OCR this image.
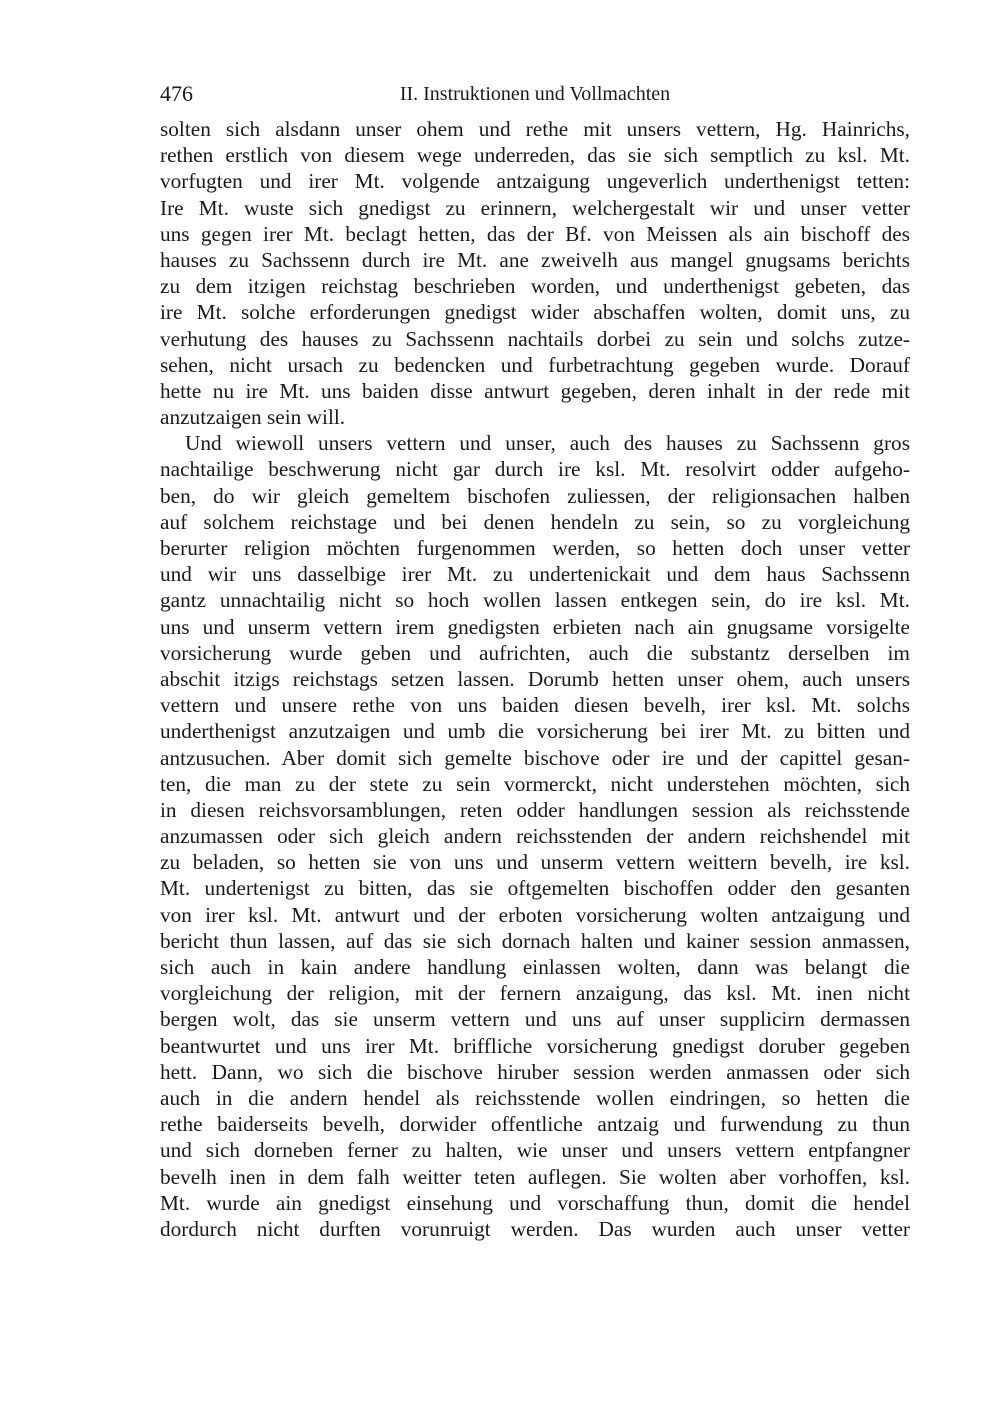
476	II. Instruktionen und Vollmachten
solten sich alsdann unser ohem und rethe mit unsers vettern, Hg. Hainrichs,
rethen erstlich von diesem wege underreden, das sie sich semptlich zu ksl. Mt.
vorfugten und irer Mt. volgende antzaigung ungeverlich underthenigst tetten:
Ire Mt. wuste sich gnedigst zu erinnern, welchergestalt wir und unser vetter
uns gegen irer Mt. beclagt hetten, das der Bf. von Meissen als ain bischoff des
hauses zu Sachssenn durch ire Mt. ane zweivelh aus mangel gnugsams berichts
zu dem itzigen reichstag beschrieben worden, und underthenigst gebeten, das
ire Mt. solche erforderungen gnedigst wider abschaffen wolten, domit uns, zu
verhutung des hauses zu Sachssenn nachtails dorbei zu sein und solchs zutze-
sehen, nicht ursach zu bedencken und furbetrachtung gegeben wurde. Dorauf
hette nu ire Mt. uns baiden disse antwurt gegeben, deren inhalt in der rede mit
anzutzaigen sein will.
Und wiewoll unsers vettern und unser, auch des hauses zu Sachssenn gros
nachtailige beschwerung nicht gar durch ire ksl. Mt. resolvirt odder aufgeho-
ben, do wir gleich gemeltem bischofen zuliessen, der religionsachen halben
auf solchem reichstage und bei denen hendeln zu sein, so zu vorgleichung
berurter religion möchten furgenommen werden, so hetten doch unser vetter
und wir uns dasselbige irer Mt. zu undertenickait und dem haus Sachssenn
gantz unnachtailig nicht so hoch wollen lassen entkegen sein, do ire ksl. Mt.
uns und unserm vettern irem gnedigsten erbieten nach ain gnugsame vorsigelte
vorsicherung wurde geben und aufrichten, auch die substantz derselben im
abschit itzigs reichstags setzen lassen. Dorumb hetten unser ohem, auch unsers
vettern und unsere rethe von uns baiden diesen bevelh, irer ksl. Mt. solchs
underthenigst anzutzaigen und umb die vorsicherung bei irer Mt. zu bitten und
antzusuchen. Aber domit sich gemelte bischove oder ire und der capittel gesan-
ten, die man zu der stete zu sein vormerckt, nicht understehen möchten, sich
in diesen reichsvorsamblungen, reten odder handlungen session als reichsstende
anzumassen oder sich gleich andern reichsstenden der andern reichshendel mit
zu beladen, so hetten sie von uns und unserm vettern weittern bevelh, ire ksl.
Mt. undertenigst zu bitten, das sie oftgemelten bischoffen odder den gesanten
von irer ksl. Mt. antwurt und der erboten vorsicherung wolten antzaigung und
bericht thun lassen, auf das sie sich dornach halten und kainer session anmassen,
sich auch in kain andere handlung einlassen wolten, dann was belangt die
vorgleichung der religion, mit der fernern anzaigung, das ksl. Mt. inen nicht
bergen wolt, das sie unserm vettern und uns auf unser supplicirn dermassen
beantwurtet und uns irer Mt. briffliche vorsicherung gnedigst doruber gegeben
hett. Dann, wo sich die bischove hiruber session werden anmassen oder sich
auch in die andern hendel als reichsstende wollen eindringen, so hetten die
rethe baiderseits bevelh, dorwider offentliche antzaig und furwendung zu thun
und sich dorneben ferner zu halten, wie unser und unsers vettern entpfangner
bevelh inen in dem falh weitter teten auflegen. Sie wolten aber vorhoffen, ksl.
Mt. wurde ain gnedigst einsehung und vorschaffung thun, domit die hendel
dordurch nicht durften vorunruigt werden. Das wurden auch unser vetter
